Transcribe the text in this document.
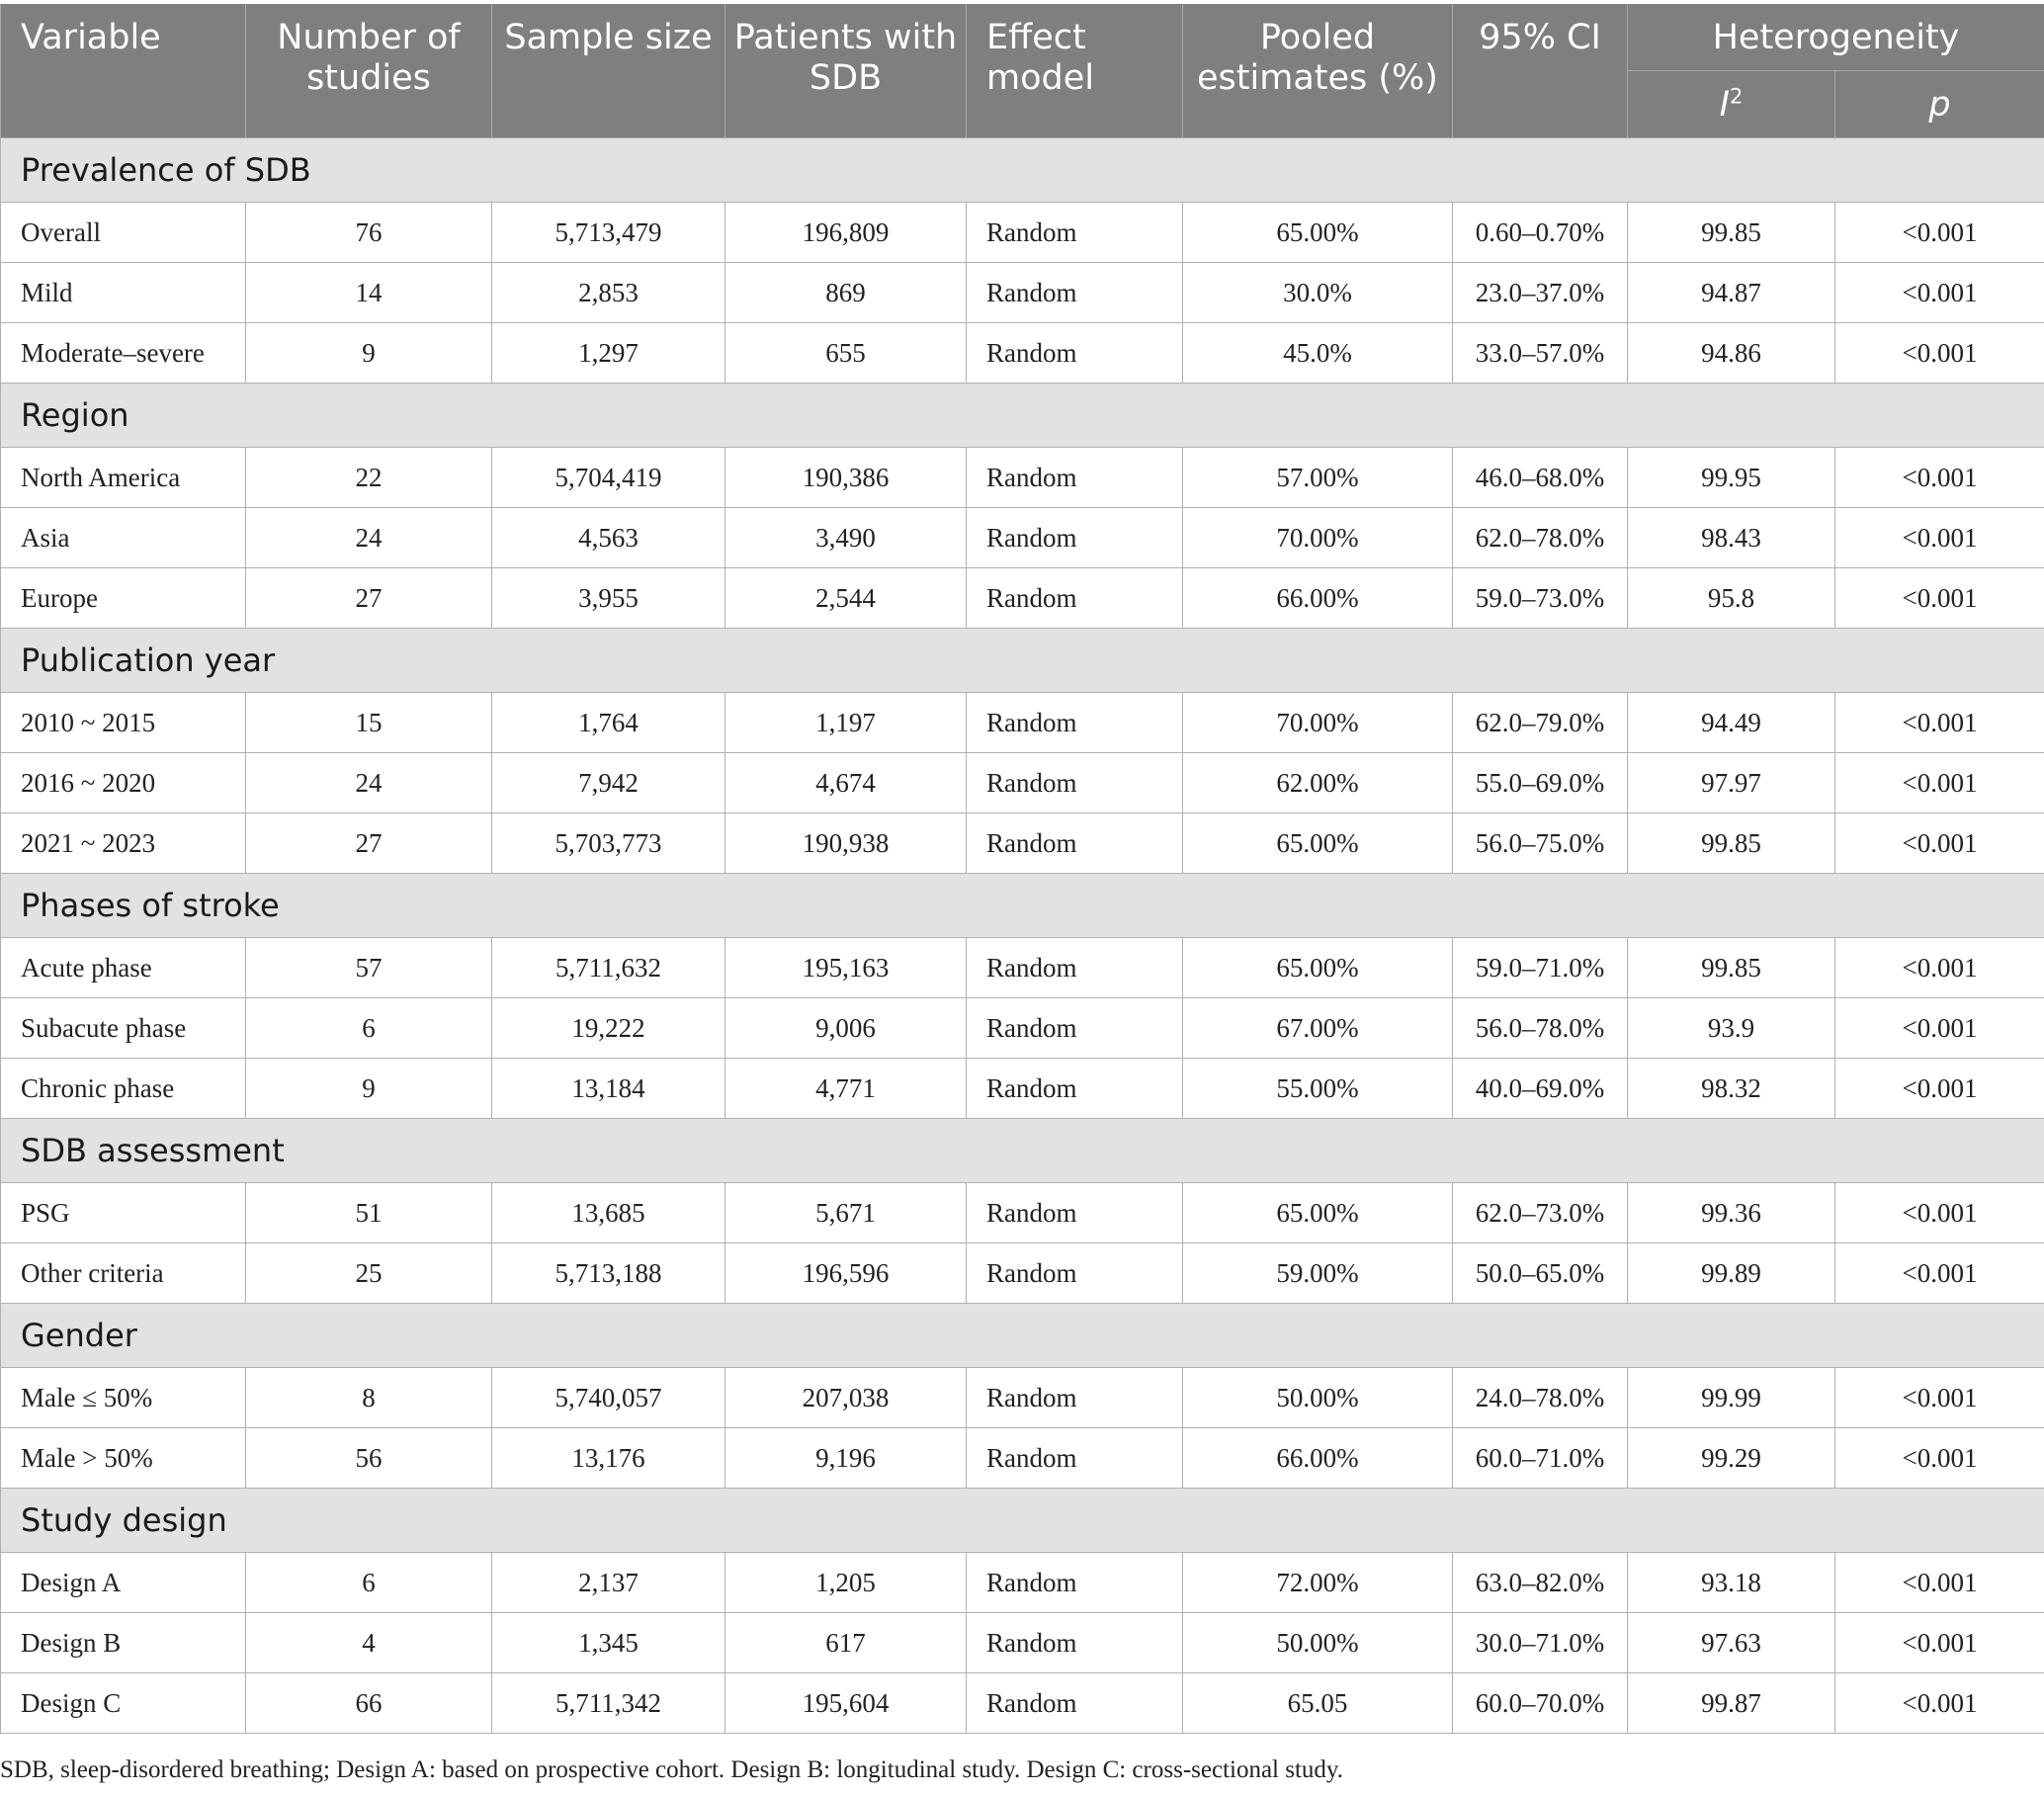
Variable	Number of studies	Sample size	Patients with SDB	Effect model	Pooled estimates (%)	95% CI	Heterogeneity	
							$I^2$	p
Prevalence of SDB								
Overall	76	5,713,479	196,809	Random	65.00%	0.60–0.70%	99.85	<0.001
Mild	14	2,853	869	Random	30.0%	23.0–37.0%	94.87	<0.001
Moderate–severe	9	1,297	655	Random	45.0%	33.0–57.0%	94.86	<0.001
Region								
North America	22	5,704,419	190,386	Random	57.00%	46.0–68.0%	99.95	<0.001
Asia	24	4,563	3,490	Random	70.00%	62.0–78.0%	98.43	<0.001
Europe	27	3,955	2,544	Random	66.00%	59.0–73.0%	95.8	<0.001
Publication year								
2010 ~ 2015	15	1,764	1,197	Random	70.00%	62.0–79.0%	94.49	<0.001
2016 ~ 2020	24	7,942	4,674	Random	62.00%	55.0–69.0%	97.97	<0.001
2021 ~ 2023	27	5,703,773	190,938	Random	65.00%	56.0–75.0%	99.85	<0.001
Phases of stroke								
Acute phase	57	5,711,632	195,163	Random	65.00%	59.0–71.0%	99.85	<0.001
Subacute phase	6	19,222	9,006	Random	67.00%	56.0–78.0%	93.9	<0.001
Chronic phase	9	13,184	4,771	Random	55.00%	40.0–69.0%	98.32	<0.001
SDB assessment								
PSG	51	13,685	5,671	Random	65.00%	62.0–73.0%	99.36	<0.001
Other criteria	25	5,713,188	196,596	Random	59.00%	50.0–65.0%	99.89	<0.001
Gender								
Male ≤ 50%	8	5,740,057	207,038	Random	50.00%	24.0–78.0%	99.99	<0.001
Male > 50%	56	13,176	9,196	Random	66.00%	60.0–71.0%	99.29	<0.001
Study design								
Design A	6	2,137	1,205	Random	72.00%	63.0–82.0%	93.18	<0.001
Design B	4	1,345	617	Random	50.00%	30.0–71.0%	97.63	<0.001
Design C	66	5,711,342	195,604	Random	65.05	60.0–70.0%	99.87	<0.001
SDB, sleep-disordered breathing; Design A: based on prospective cohort. Design B: longitudinal study. Design C: cross-sectional study.
